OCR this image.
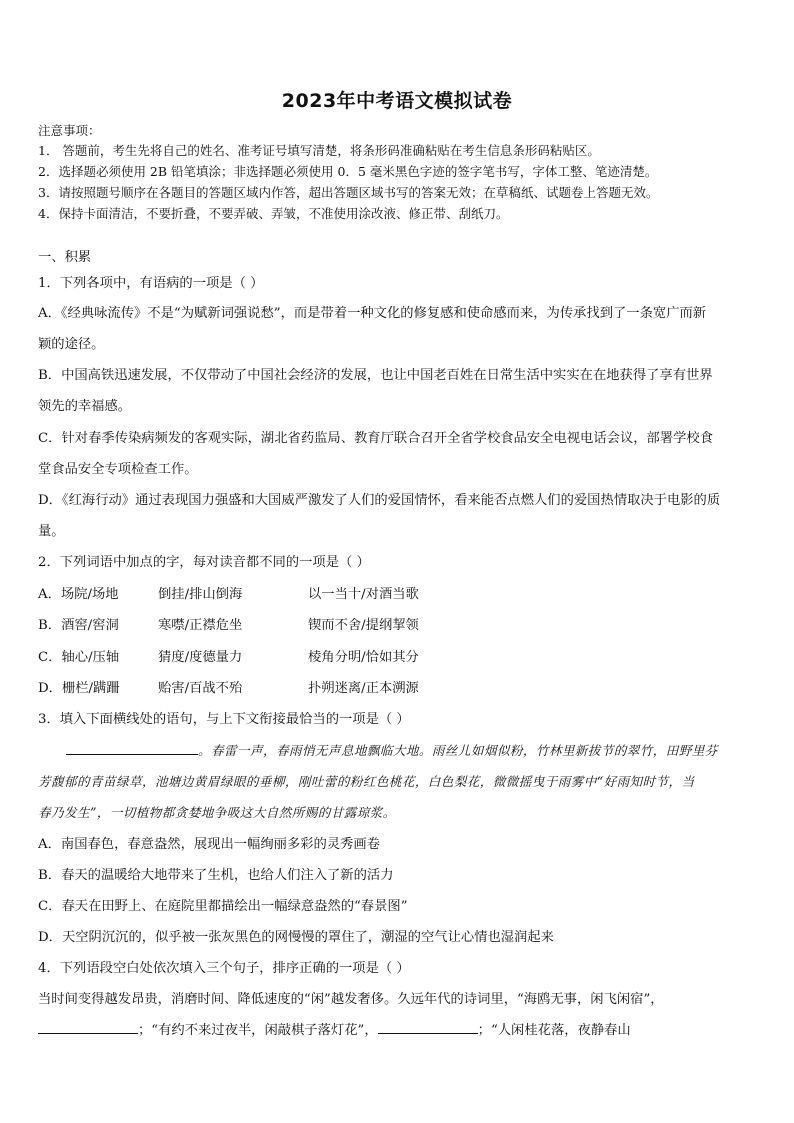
2023年中考语文模拟试卷
注意事项：
1． 答题前，考生先将自己的姓名、准考证号填写清楚，将条形码准确粘贴在考生信息条形码粘贴区。
2．选择题必须使用 2B 铅笔填涂；非选择题必须使用 0．5 毫米黑色字迹的签字笔书写，字体工整、笔迹清楚。
3．请按照题号顺序在各题目的答题区域内作答，超出答题区域书写的答案无效；在草稿纸、试题卷上答题无效。
4．保持卡面清洁，不要折叠，不要弄破、弄皱，不准使用涂改液、修正带、刮纸刀。
一、积累
1．下列各项中，有语病的一项是（ ）
A．《经典咏流传》不是“为赋新词强说愁”，而是带着一种文化的修复感和使命感而来，为传承找到了一条宽广而新
颖的途径。
B．中国高铁迅速发展，不仅带动了中国社会经济的发展，也让中国老百姓在日常生活中实实在在地获得了享有世界
领先的幸福感。
C．针对春季传染病频发的客观实际，湖北省药监局、教育厅联合召开全省学校食品安全电视电话会议，部署学校食
堂食品安全专项检查工作。
D．《红海行动》通过表现国力强盛和大国威严激发了人们的爱国情怀，看来能否点燃人们的爱国热情取决于电影的质
量。
2．下列词语中加点的字，每对读音都不同的一项是（ ）
A．场院/场地	倒挂/排山倒海	以一当十/对酒当歌
B．酒窖/窖洞	寒噤/正襟危坐	锲而不舍/提纲挈领
C．轴心/压轴	猜度/度德量力	棱角分明/恰如其分
D．栅栏/蹒跚	贻害/百战不殆	扑朔迷离/正本溯源
3．填入下面横线处的语句，与上下文衔接最恰当的一项是（ ）
。春雷一声，春雨悄无声息地飘临大地。雨丝儿如烟似粉，竹林里新拔节的翠竹，田野里芬
芳馥郁的青苗绿草，池塘边黄眉绿眼的垂柳，刚吐蕾的粉红色桃花，白色梨花，微微摇曳于雨雾中“好雨知时节，当
春乃发生”，一切植物都贪婪地争吸这大自然所赐的甘露琼浆。
A．南国春色，春意盎然，展现出一幅绚丽多彩的灵秀画卷
B．春天的温暖给大地带来了生机，也给人们注入了新的活力
C．春天在田野上、在庭院里都描绘出一幅绿意盎然的“春景图”
D．天空阴沉沉的，似乎被一张灰黑色的网慢慢的罩住了，潮湿的空气让心情也湿润起来
4．下列语段空白处依次填入三个句子，排序正确的一项是（ ）
当时间变得越发昂贵，消磨时间、降低速度的“闲”越发奢侈。久远年代的诗词里，“海鸥无事，闲飞闲宿”，
；“有约不来过夜半，闲敲棋子落灯花”，	；“人闲桂花落，夜静春山
